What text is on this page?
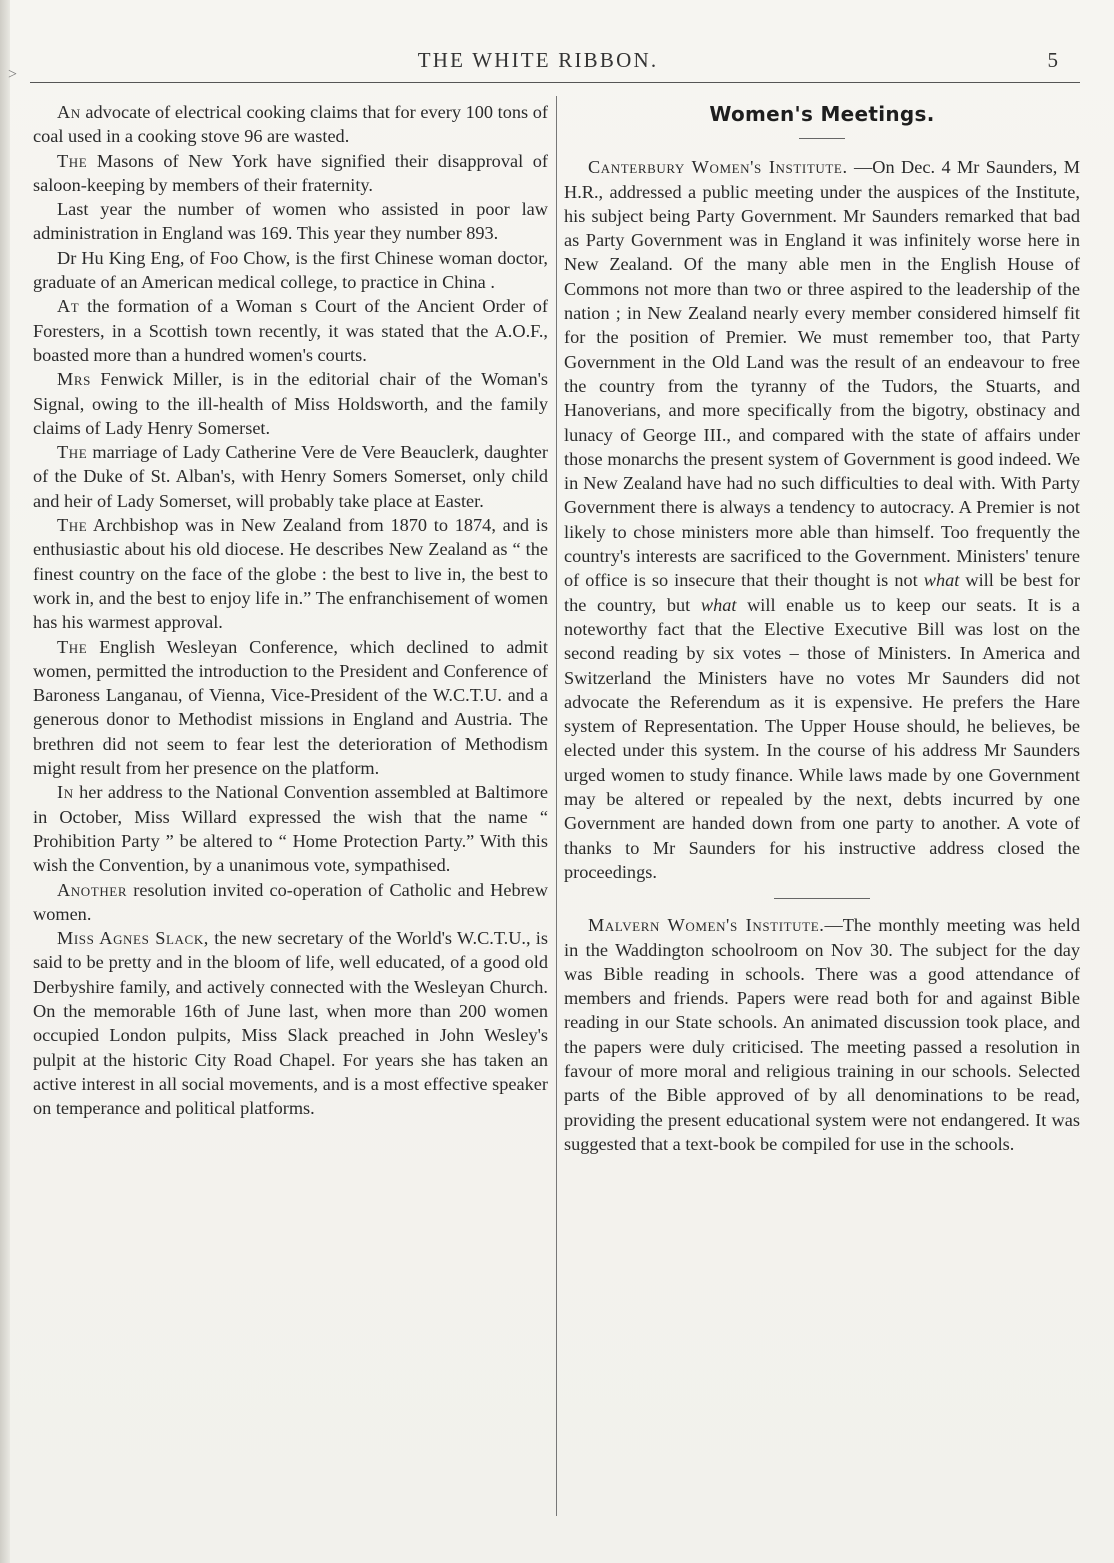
>
THE WHITE RIBBON.	5

An advocate of electrical cooking claims that for every 100 tons of coal used in a cooking stove 96 are wasted.

The Masons of New York have signified their disapproval of saloon-keeping by members of their fraternity.

Last year the number of women who assisted in poor law administration in England was 169. This year they number 893.

Dr Hu King Eng, of Foo Chow, is the first Chinese woman doctor, graduate of an American medical college, to practice in China .

At the formation of a Woman s Court of the Ancient Order of Foresters, in a Scottish town recently, it was stated that the A.O.F., boasted more than a hundred women's courts.

Mrs Fenwick Miller, is in the editorial chair of the Woman's Signal, owing to the ill-health of Miss Holdsworth, and the family claims of Lady Henry Somerset.

The marriage of Lady Catherine Vere de Vere Beauclerk, daughter of the Duke of St. Alban's, with Henry Somers Somerset, only child and heir of Lady Somerset, will probably take place at Easter.

The Archbishop was in New Zealand from 1870 to 1874, and is enthusiastic about his old diocese. He describes New Zealand as “ the finest country on the face of the globe : the best to live in, the best to work in, and the best to enjoy life in.” The enfranchisement of women has his warmest approval.

The English Wesleyan Conference, which declined to admit women, permitted the introduction to the President and Conference of Baroness Langanau, of Vienna, Vice-President of the W.C.T.U. and a generous donor to Methodist missions in England and Austria. The brethren did not seem to fear lest the deterioration of Methodism might result from her presence on the platform.

In her address to the National Convention assembled at Baltimore in October, Miss Willard expressed the wish that the name “ Prohibition Party ” be altered to “ Home Protection Party.” With this wish the Convention, by a unanimous vote, sympathised.

Another resolution invited co-operation of Catholic and Hebrew women.

Miss Agnes Slack, the new secretary of the World's W.C.T.U., is said to be pretty and in the bloom of life, well educated, of a good old Derbyshire family, and actively connected with the Wesleyan Church. On the memorable 16th of June last, when more than 200 women occupied London pulpits, Miss Slack preached in John Wesley's pulpit at the historic City Road Chapel. For years she has taken an active interest in all social movements, and is a most effective speaker on temperance and political platforms.

Women's Meetings.

Canterbury Women's Institute. —On Dec. 4 Mr Saunders, M H.R., addressed a public meeting under the auspices of the Institute, his subject being Party Government. Mr Saunders remarked that bad as Party Government was in England it was infinitely worse here in New Zealand. Of the many able men in the English House of Commons not more than two or three aspired to the leadership of the nation ; in New Zealand nearly every member considered himself fit for the position of Premier. We must remember too, that Party Government in the Old Land was the result of an endeavour to free the country from the tyranny of the Tudors, the Stuarts, and Hanoverians, and more specifically from the bigotry, obstinacy and lunacy of George III., and compared with the state of affairs under those monarchs the present system of Government is good indeed. We in New Zealand have had no such difficulties to deal with. With Party Government there is always a tendency to autocracy. A Premier is not likely to chose ministers more able than himself. Too frequently the country's interests are sacrificed to the Government. Ministers' tenure of office is so insecure that their thought is not what will be best for the country, but what will enable us to keep our seats. It is a noteworthy fact that the Elective Executive Bill was lost on the second reading by six votes – those of Ministers. In America and Switzerland the Ministers have no votes Mr Saunders did not advocate the Referendum as it is expensive. He prefers the Hare system of Representation. The Upper House should, he believes, be elected under this system. In the course of his address Mr Saunders urged women to study finance. While laws made by one Government may be altered or repealed by the next, debts incurred by one Government are handed down from one party to another. A vote of thanks to Mr Saunders for his instructive address closed the proceedings.

Malvern Women's Institute.—The monthly meeting was held in the Waddington schoolroom on Nov 30. The subject for the day was Bible reading in schools. There was a good attendance of members and friends. Papers were read both for and against Bible reading in our State schools. An animated discussion took place, and the papers were duly criticised. The meeting passed a resolution in favour of more moral and religious training in our schools. Selected parts of the Bible approved of by all denominations to be read, providing the present educational system were not endangered. It was suggested that a text-book be compiled for use in the schools.
